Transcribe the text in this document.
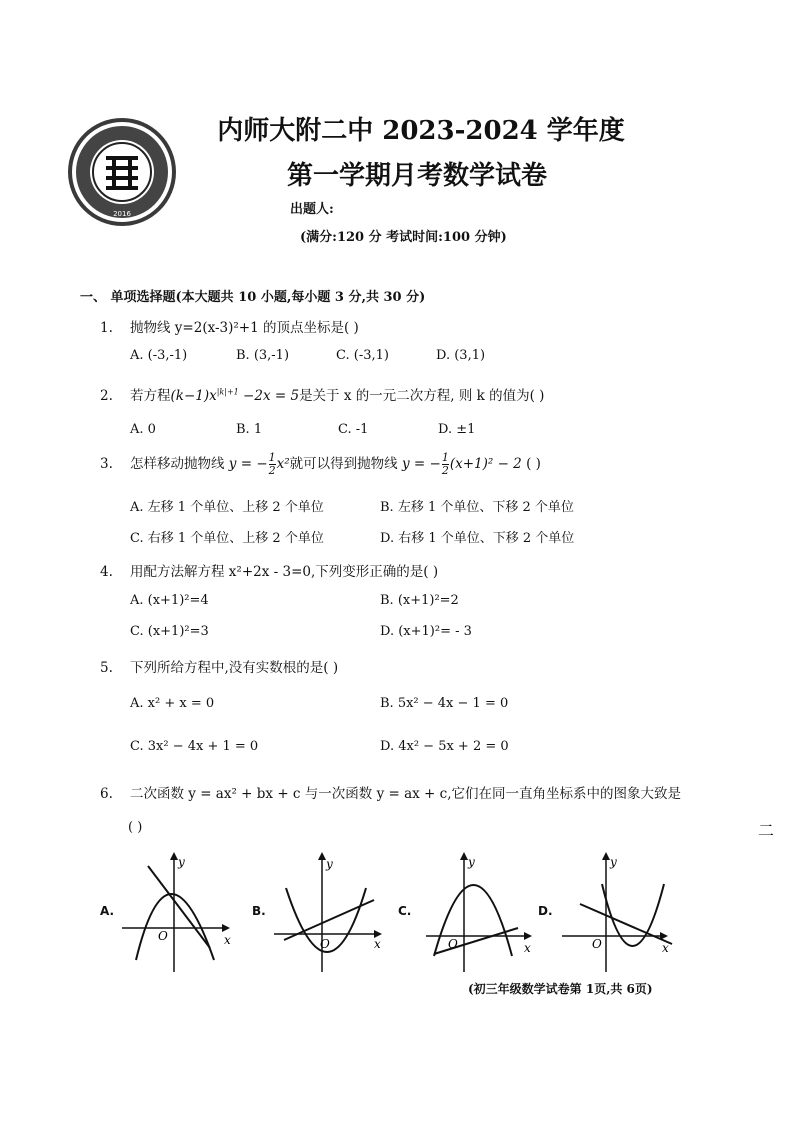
2016
内师大附二中 2023-2024 学年度
第一学期月考数学试卷
出题人:
(满分:120 分 考试时间:100 分钟)
一、 单项选择题(本大题共 10 小题,每小题 3 分,共 30 分)
1. 抛物线 y=2(x-3)²+1 的顶点坐标是( )
A. (-3,-1)	B. (3,-1)	C. (-3,1)	D. (3,1)
2. 若方程$(k-1)x^{|k|+1} -2x = 5$是关于 x 的一元二次方程, 则 k 的值为( )
A. 0	B. 1	C. -1	D. ±1
3. 怎样移动抛物线 y = − $\frac{1}{2} x^2$就可以得到抛物线 y = − $\frac{1}{2} (x+1)^2 - 2$ ( )
A. 左移 1 个单位、上移 2 个单位	B. 左移 1 个单位、下移 2 个单位
C. 右移 1 个单位、上移 2 个单位	D. 右移 1 个单位、下移 2 个单位
4. 用配方法解方程 x²+2x - 3=0,下列变形正确的是( )
A. (x+1)²=4	B. (x+1)²=2
C. (x+1)²=3	D. (x+1)²= - 3
5. 下列所给方程中,没有实数根的是( )
A. x² + x = 0	B. 5x² − 4x − 1 = 0
C. 3x² − 4x + 1 = 0	D. 4x² − 5x + 2 = 0
6. 二次函数 y = ax² + bx + c 与一次函数 y = ax + c,它们在同一直角坐标系中的图象大致是
( )
A.
y
x
O
B.
y
x
O
C.
y
x
O
D.
y
x
O
(初三年级数学试卷第 1页,共 6页)
二
